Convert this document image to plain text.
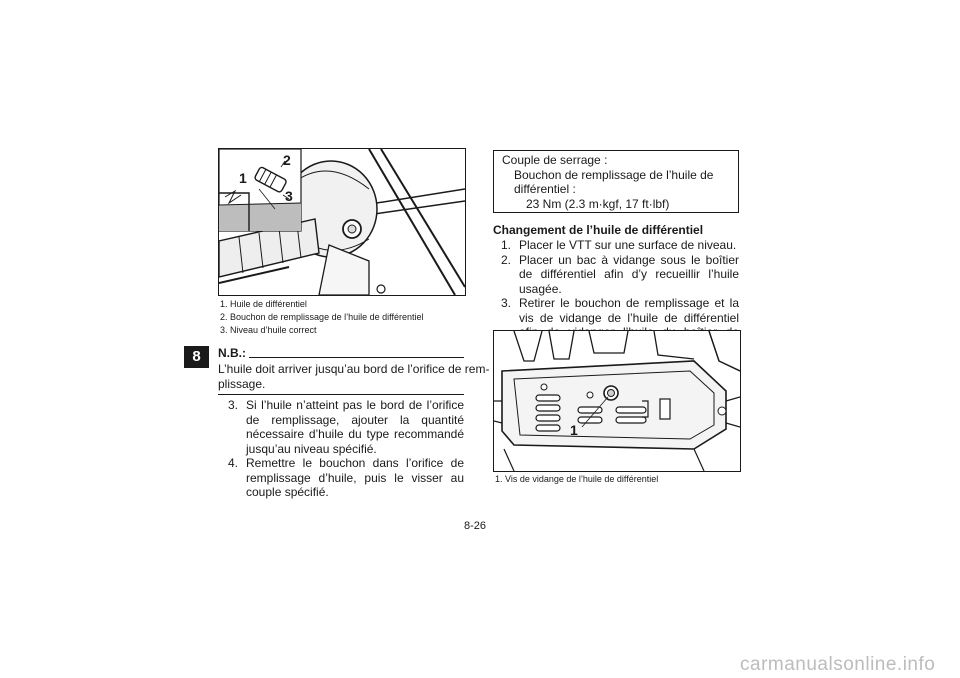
8
1
2
3
1. Huile de différentiel
2. Bouchon de remplissage de l’huile de différentiel
3. Niveau d’huile correct
N.B.:
L’huile doit arriver jusqu’au bord de l’orifice de rem-
plissage.
3. Si l’huile n’atteint pas le bord de l’orifice de remplissage, ajouter la quantité nécessaire d’huile du type recommandé jusqu’au niveau spécifié.
4. Remettre le bouchon dans l’orifice de remplissage d’huile, puis le visser au couple spécifié.
Couple de serrage :
Bouchon de remplissage de l’huile de
différentiel :
23 Nm (2.3 m·kgf, 17 ft·lbf)
Changement de l’huile de différentiel
1. Placer le VTT sur une surface de niveau.
2. Placer un bac à vidange sous le boîtier de différentiel afin d’y recueillir l’huile usagée.
3. Retirer le bouchon de remplissage et la vis de vidange de l’huile de différentiel
1
1. Vis de vidange de l’huile de différentiel
8-26
carmanualsonline.info
